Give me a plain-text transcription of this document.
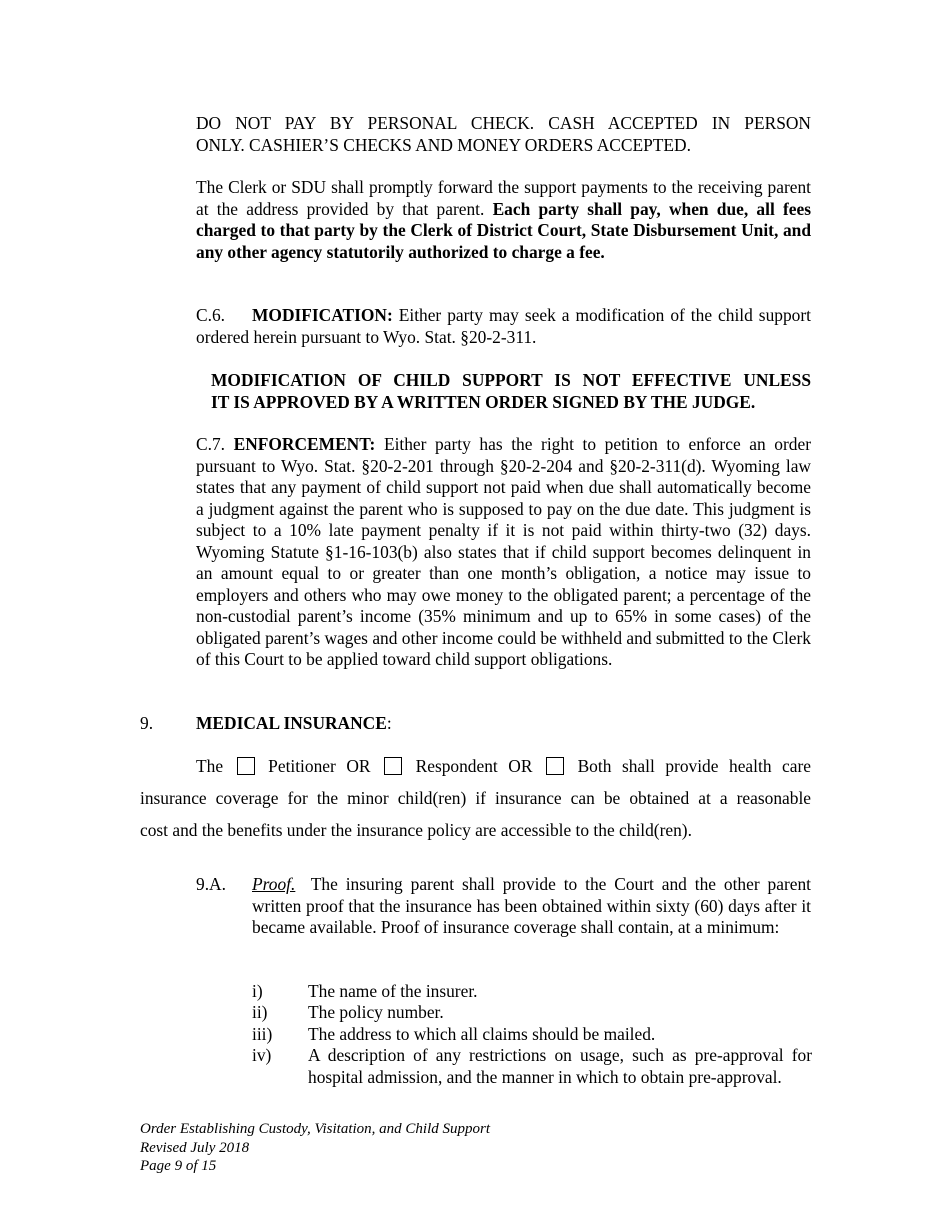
DO NOT PAY BY PERSONAL CHECK. CASH ACCEPTED IN PERSON
ONLY. CASHIER’S CHECKS AND MONEY ORDERS ACCEPTED.
The Clerk or SDU shall promptly forward the support payments to the receiving parent at the address provided by that parent. Each party shall pay, when due, all fees charged to that party by the Clerk of District Court, State Disbursement Unit, and any other agency statutorily authorized to charge a fee.
C.6. MODIFICATION: Either party may seek a modification of the child support ordered herein pursuant to Wyo. Stat. §20-2-311.
MODIFICATION OF CHILD SUPPORT IS NOT EFFECTIVE UNLESS
IT IS APPROVED BY A WRITTEN ORDER SIGNED BY THE JUDGE.
C.7. ENFORCEMENT: Either party has the right to petition to enforce an order pursuant to Wyo. Stat. §20-2-201 through §20-2-204 and §20-2-311(d). Wyoming law states that any payment of child support not paid when due shall automatically become a judgment against the parent who is supposed to pay on the due date. This judgment is subject to a 10% late payment penalty if it is not paid within thirty-two (32) days. Wyoming Statute §1-16-103(b) also states that if child support becomes delinquent in an amount equal to or greater than one month’s obligation, a notice may issue to employers and others who may owe money to the obligated parent; a percentage of the non-custodial parent’s income (35% minimum and up to 65% in some cases) of the obligated parent’s wages and other income could be withheld and submitted to the Clerk of this Court to be applied toward child support obligations.
9. MEDICAL INSURANCE:
The	Petitioner OR	Respondent OR	Both shall provide health care
insurance coverage for the minor child(ren) if insurance can be obtained at a reasonable
cost and the benefits under the insurance policy are accessible to the child(ren).
9.A. Proof. The insuring parent shall provide to the Court and the other parent written proof that the insurance has been obtained within sixty (60) days after it became available. Proof of insurance coverage shall contain, at a minimum:
i)	The name of the insurer.
ii) The policy number.
iii) The address to which all claims should be mailed.
iv) A description of any restrictions on usage, such as pre-approval for hospital admission, and the manner in which to obtain pre-approval.
Order Establishing Custody, Visitation, and Child Support
Revised July 2018
Page 9 of 15
